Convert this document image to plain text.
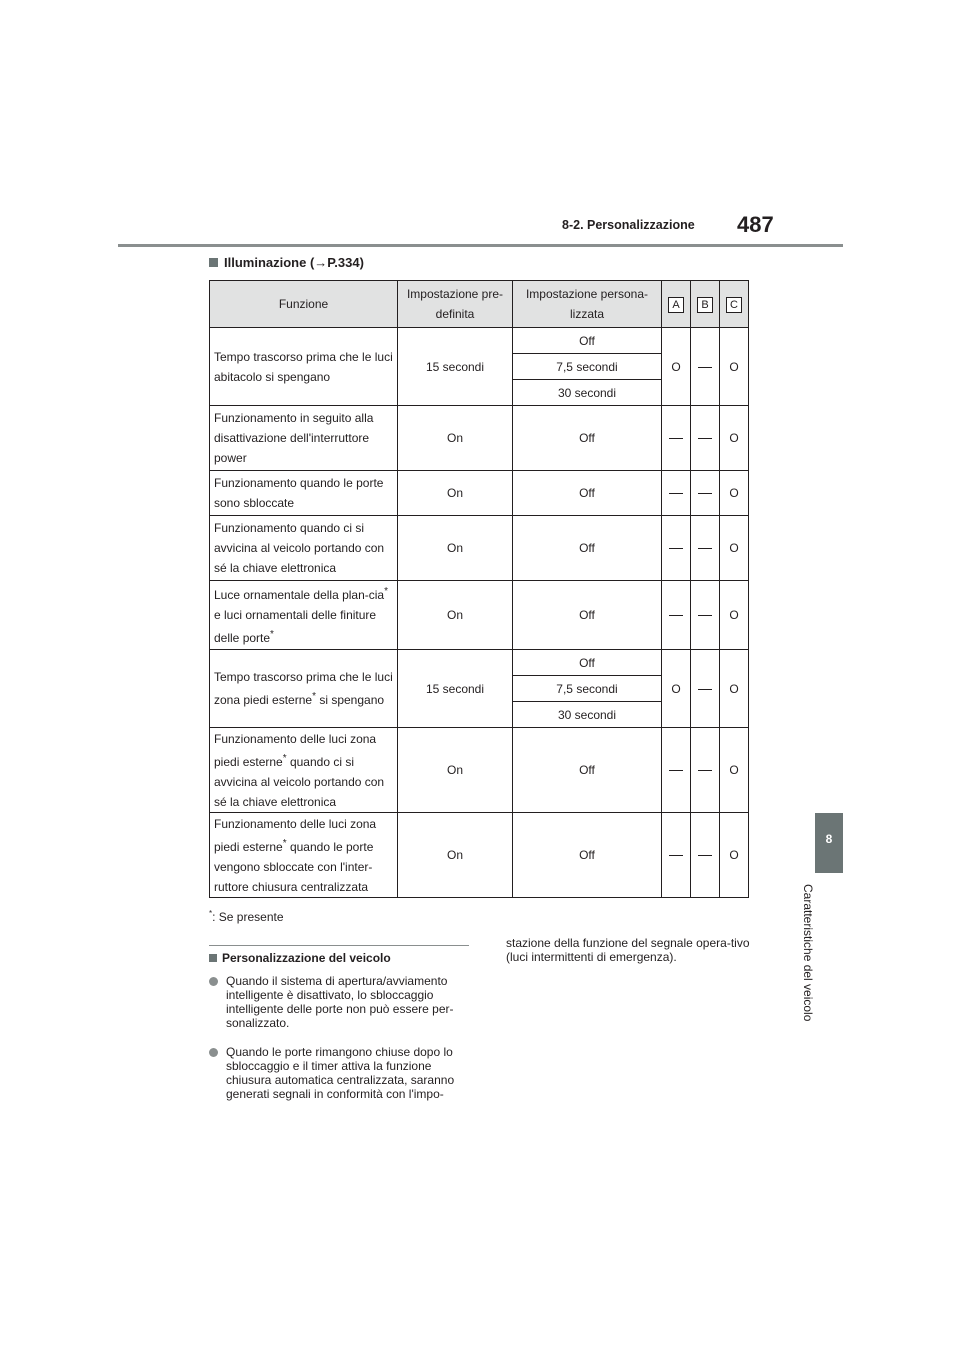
8-2. Personalizzazione 487
8
Caratteristiche del veicolo
Illuminazione (→P.334)
Funzione	Impostazione pre-definita	Impostazione persona-lizzata	A	B	C
Tempo trascorso prima che le luci abitacolo si spengano	15 secondi	Off	O		O
		7,5 secondi			
		30 secondi			
Funzionamento in seguito alla disattivazione dell'interruttore power	On	Off			O
Funzionamento quando le porte sono sbloccate	On	Off			O
Funzionamento quando ci si avvicina al veicolo portando con sé la chiave elettronica	On	Off			O
Luce ornamentale della plan-cia* e luci ornamentali delle finiture delle porte*	On	Off			O
Tempo trascorso prima che le luci zona piedi esterne* si spengano	15 secondi	Off	O		O
		7,5 secondi			
		30 secondi			
Funzionamento delle luci zona piedi esterne* quando ci si avvicina al veicolo portando con sé la chiave elettronica	On	Off			O
Funzionamento delle luci zona piedi esterne* quando le porte vengono sbloccate con l'inter-ruttore chiusura centralizzata	On	Off			O
*: Se presente
Personalizzazione del veicolo
Quando il sistema di apertura/avviamento intelligente è disattivato, lo sbloccaggio intelligente delle porte non può essere per-sonalizzato.
Quando le porte rimangono chiuse dopo lo sbloccaggio e il timer attiva la funzione chiusura automatica centralizzata, saranno generati segnali in conformità con l'impo-
stazione della funzione del segnale opera-tivo (luci intermittenti di emergenza).
